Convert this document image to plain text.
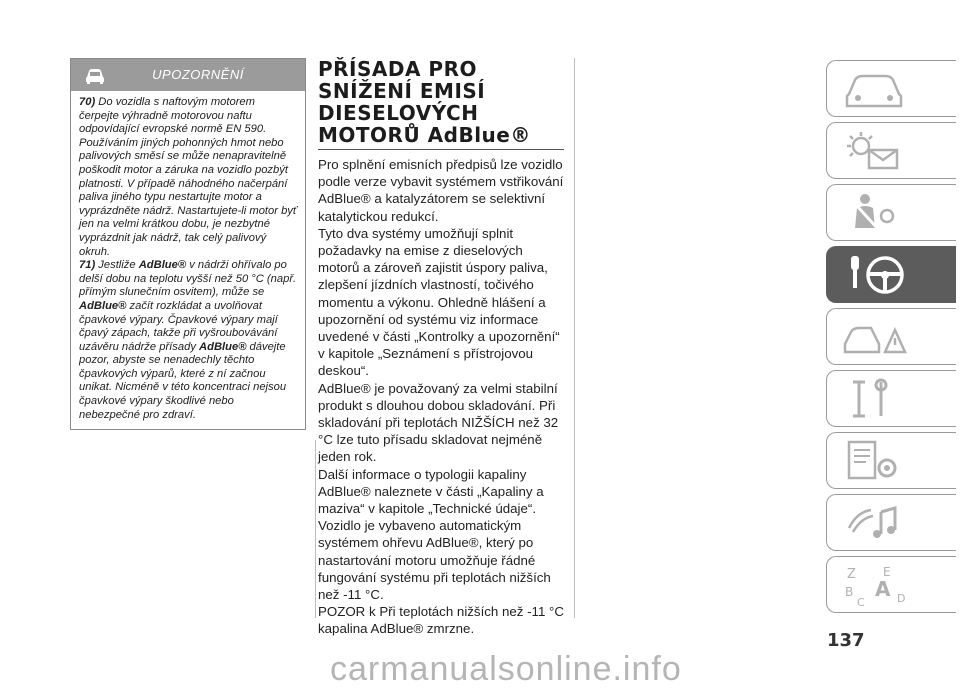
UPOZORNĚNÍ

70) Do vozidla s naftovým motorem čerpejte výhradně motorovou naftu odpovídající evropské normě EN 590. Používáním jiných pohonných hmot nebo palivových směsí se může nenapravitelně poškodit motor a záruka na vozidlo pozbýt platnosti. V případě náhodného načerpání paliva jiného typu nestartujte motor a vyprázdněte nádrž. Nastartujete-li motor byť jen na velmi krátkou dobu, je nezbytné vyprázdnit jak nádrž, tak celý palivový okruh.

71) Jestliže AdBlue® v nádrži ohřívalo po delší dobu na teplotu vyšší než 50 °C (např. přímým slunečním osvitem), může se AdBlue® začít rozkládat a uvolňovat čpavkové výpary. Čpavkové výpary mají čpavý zápach, takže při vyšroubovávání uzávěru nádrže přísady AdBlue® dávejte pozor, abyste se nenadechly těchto čpavkových výparů, které z ní začnou unikat. Nicméně v této koncentraci nejsou čpavkové výpary škodlivé nebo nebezpečné pro zdraví.

PŘÍSADA PRO
SNÍŽENÍ EMISÍ
DIESELOVÝCH
MOTORŮ AdBlue®

Pro splnění emisních předpisů lze vozidlo podle verze vybavit systémem vstřikování AdBlue® a katalyzátorem se selektivní katalytickou redukcí.

Tyto dva systémy umožňují splnit požadavky na emise z dieselových motorů a zároveň zajistit úspory paliva, zlepšení jízdních vlastností, točivého momentu a výkonu. Ohledně hlášení a upozornění od systému viz informace uvedené v části „Kontrolky a upozornění“ v kapitole „Seznámení s přístrojovou deskou“.

AdBlue® je považovaný za velmi stabilní produkt s dlouhou dobou skladování. Při skladování při teplotách NIŽŠÍCH než 32 °C lze tuto přísadu skladovat nejméně jeden rok.

Další informace o typologii kapaliny AdBlue® naleznete v části „Kapaliny a maziva“ v kapitole „Technické údaje“.

Vozidlo je vybaveno automatickým systémem ohřevu AdBlue®, který po nastartování motoru umožňuje řádné fungování systému při teplotách nižších než -11 °C.

POZOR k Při teplotách nižších než -11 °C kapalina AdBlue® zmrzne.

Z E
B A
C	D
137
carmanualsonline.info
